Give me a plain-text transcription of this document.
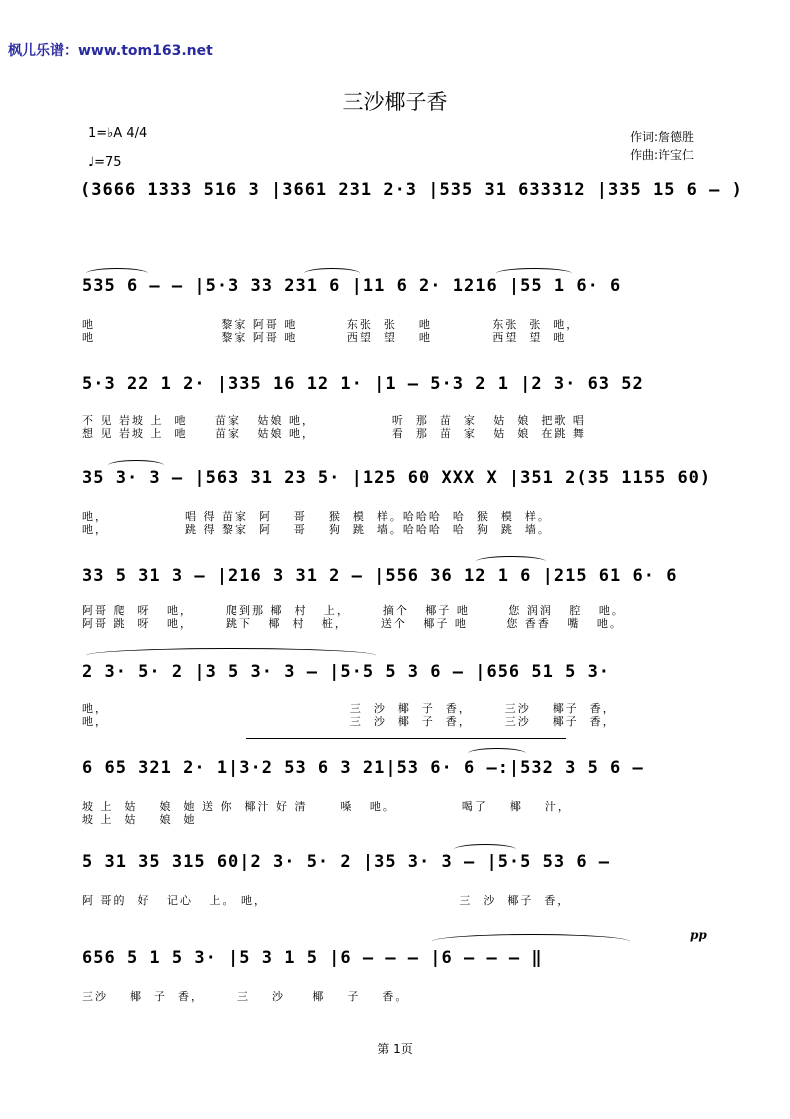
枫儿乐谱：www.tom163.net
三沙椰子香
1=♭A 4/4
♩=75
作词:詹德胜
作曲:许宝仁
(3666 1333 516 3 |3661 231 2·3 |535 31 633312 |335 15 6 – )
535 6 – – |5·3 33 231 6 |11 6 2· 1216 |55 1 6· 6
吔                       黎家 阿哥 吔         东张  张    吔           东张  张  吔，
吔                       黎家 阿哥 吔         西望  望    吔           西望  望  吔
5·3 22 1 2· |335 16 12 1· |1 – 5·3 2 1 |2 3· 63 52
不 见 岩坡 上  吔     苗家   姑娘 吔，              听  那  苗  家   姑  娘  把歌 唱
想 见 岩坡 上  吔     苗家   姑娘 吔，              看  那  苗  家   姑  娘  在跳 舞
35 3· 3 – |563 31 23 5· |125 60 XXX X |351 2(35 1155 60)
吔，              唱 得 苗家  阿    哥    猴  模  样。哈哈哈  哈  猴  模  样。
吔，              跳 得 黎家  阿    哥    狗  跳  墙。哈哈哈  哈  狗  跳  墙。
33 5 31 3 – |216 3 31 2 – |556 36 12 1 6 |215 61 6· 6
阿哥 爬  呀   吔，      爬到那 椰  村   上，      摘个   椰子 吔       您 润润   腔   吔。
阿哥 跳  呀   吔，      跳下   椰  村   桩，      送个   椰子 吔       您 香香   嘴   吔。
2 3· 5· 2 |3 5 3· 3 – |5·5 5 3 6 – |656 51 5 3·
吔，                                            三  沙  椰  子  香，      三沙    椰子  香，
吔，                                            三  沙  椰  子  香，      三沙    椰子  香，
6 65 321 2· 1|3·2 53 6 3 21|53 6· 6 –:|532 3 5 6 –
坡 上  姑    娘  她 送 你  椰汁 好 清      嗓   吔。            喝了    椰    汁，
坡 上  姑    娘  她
5 31 35 315 60|2 3· 5· 2 |35 3· 3 – |5·5 53 6 –
阿 哥的  好   记心   上。 吔，                                   三  沙  椰子  香，
656 5 1 5 3· |5 3 1 5 |6 – – – |6 – – – ‖
三沙    椰  子  香，      三    沙     椰    子    香。
pp
第 1页
